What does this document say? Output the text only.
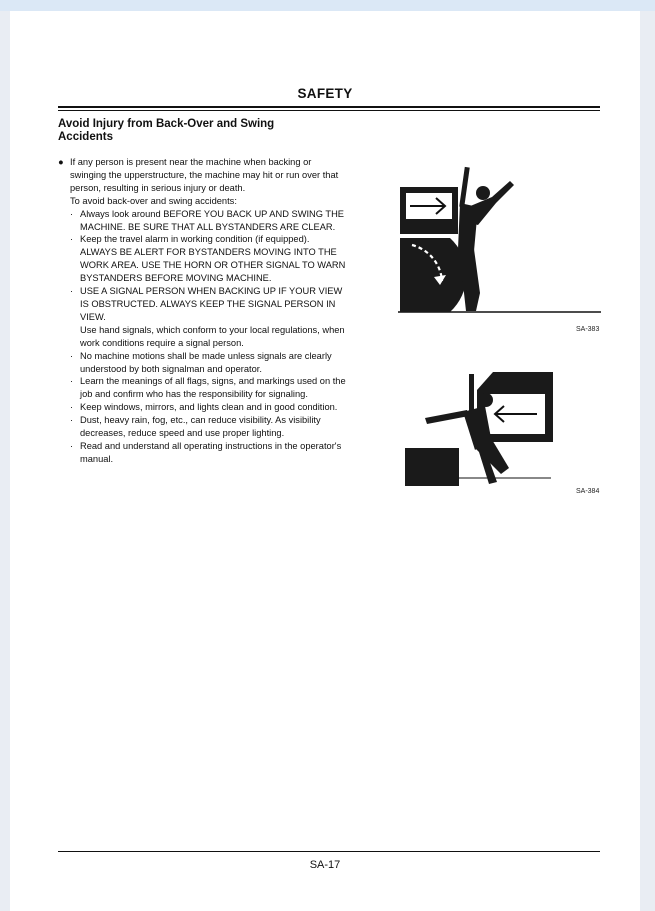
SAFETY
Avoid Injury from Back-Over and Swing Accidents
● If any person is present near the machine when backing or swinging the upperstructure, the machine may hit or run over that person, resulting in serious injury or death.
To avoid back-over and swing accidents:
· Always look around BEFORE YOU BACK UP AND SWING THE MACHINE. BE SURE THAT ALL BYSTANDERS ARE CLEAR.
· Keep the travel alarm in working condition (if equipped). ALWAYS BE ALERT FOR BYSTANDERS MOVING INTO THE WORK AREA. USE THE HORN OR OTHER SIGNAL TO WARN BYSTANDERS BEFORE MOVING MACHINE.
· USE A SIGNAL PERSON WHEN BACKING UP IF YOUR VIEW IS OBSTRUCTED. ALWAYS KEEP THE SIGNAL PERSON IN VIEW.
Use hand signals, which conform to your local regulations, when work conditions require a signal person.
· No machine motions shall be made unless signals are clearly understood by both signalman and operator.
· Learn the meanings of all flags, signs, and markings used on the job and confirm who has the responsibility for signaling.
· Keep windows, mirrors, and lights clean and in good condition.
· Dust, heavy rain, fog, etc., can reduce visibility. As visibility decreases, reduce speed and use proper lighting.
· Read and understand all operating instructions in the operator's manual.
SA-383
SA-384
SA-17
